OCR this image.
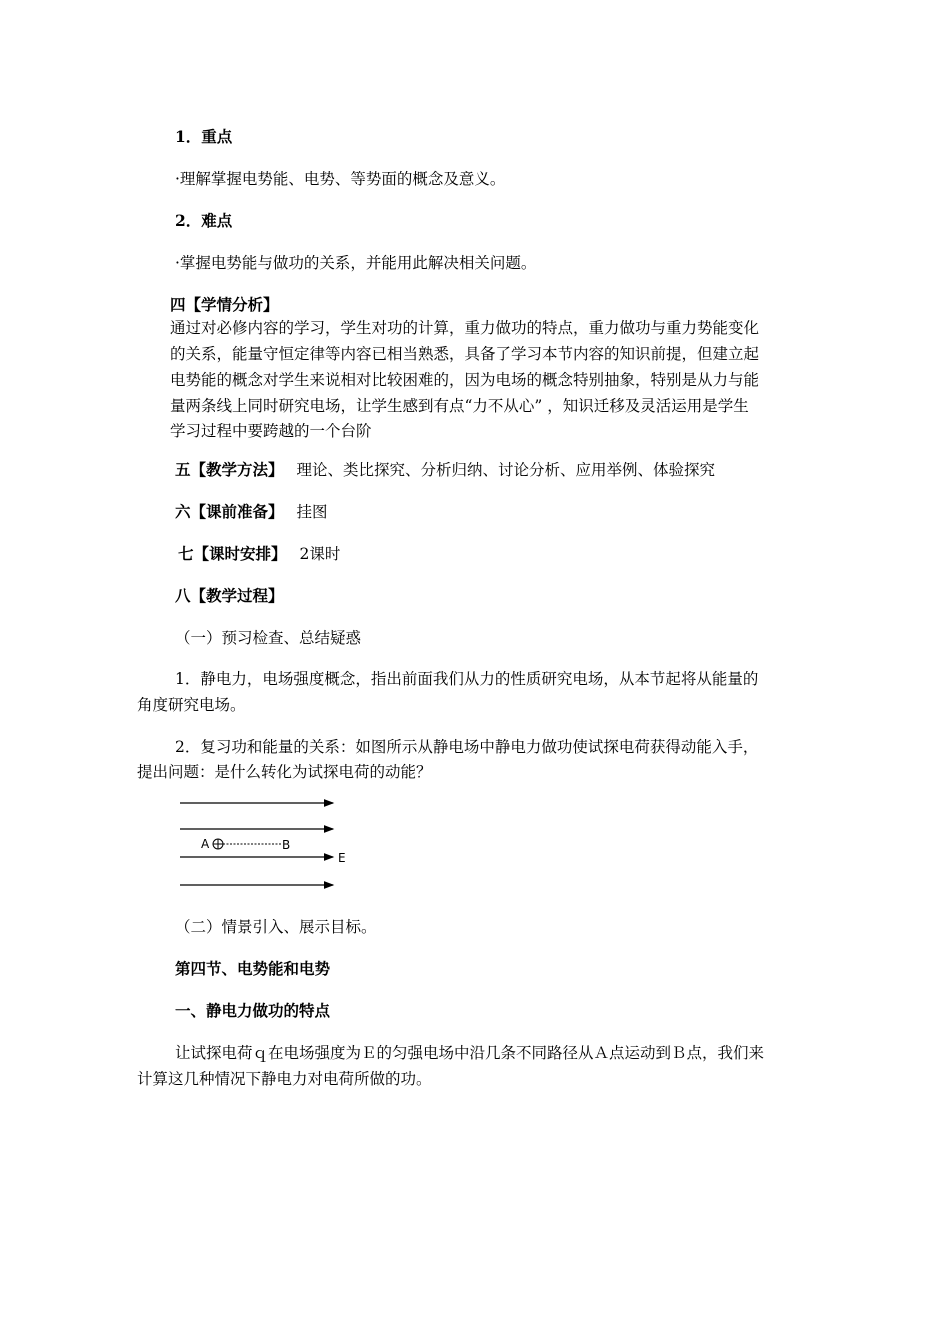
1．重点

·理解掌握电势能、电势、等势面的概念及意义。

2．难点

·掌握电势能与做功的关系，并能用此解决相关问题。

四【学情分析】

通过对必修内容的学习，学生对功的计算，重力做功的特点，重力做功与重力势能变化

的关系，能量守恒定律等内容已相当熟悉，具备了学习本节内容的知识前提，但建立起

电势能的概念对学生来说相对比较困难的，因为电场的概念特别抽象，特别是从力与能

量两条线上同时研究电场，让学生感到有点“力不从心” ，知识迁移及灵活运用是学生

学习过程中要跨越的一个台阶

五【教学方法】 理论、类比探究、分析归纳、讨论分析、应用举例、体验探究

六【课前准备】 挂图

七【课时安排】 2课时

八【教学过程】

（一）预习检查、总结疑惑

1．静电力，电场强度概念，指出前面我们从力的性质研究电场，从本节起将从能量的

角度研究电场。

2．复习功和能量的关系：如图所示从静电场中静电力做功使试探电荷获得动能入手，

提出问题：是什么转化为试探电荷的动能？

A	B
E

（二）情景引入、展示目标。

第四节、电势能和电势

一、静电力做功的特点

让试探电荷ｑ在电场强度为Ｅ的匀强电场中沿几条不同路径从Ａ点运动到Ｂ点，我们来

计算这几种情况下静电力对电荷所做的功。
